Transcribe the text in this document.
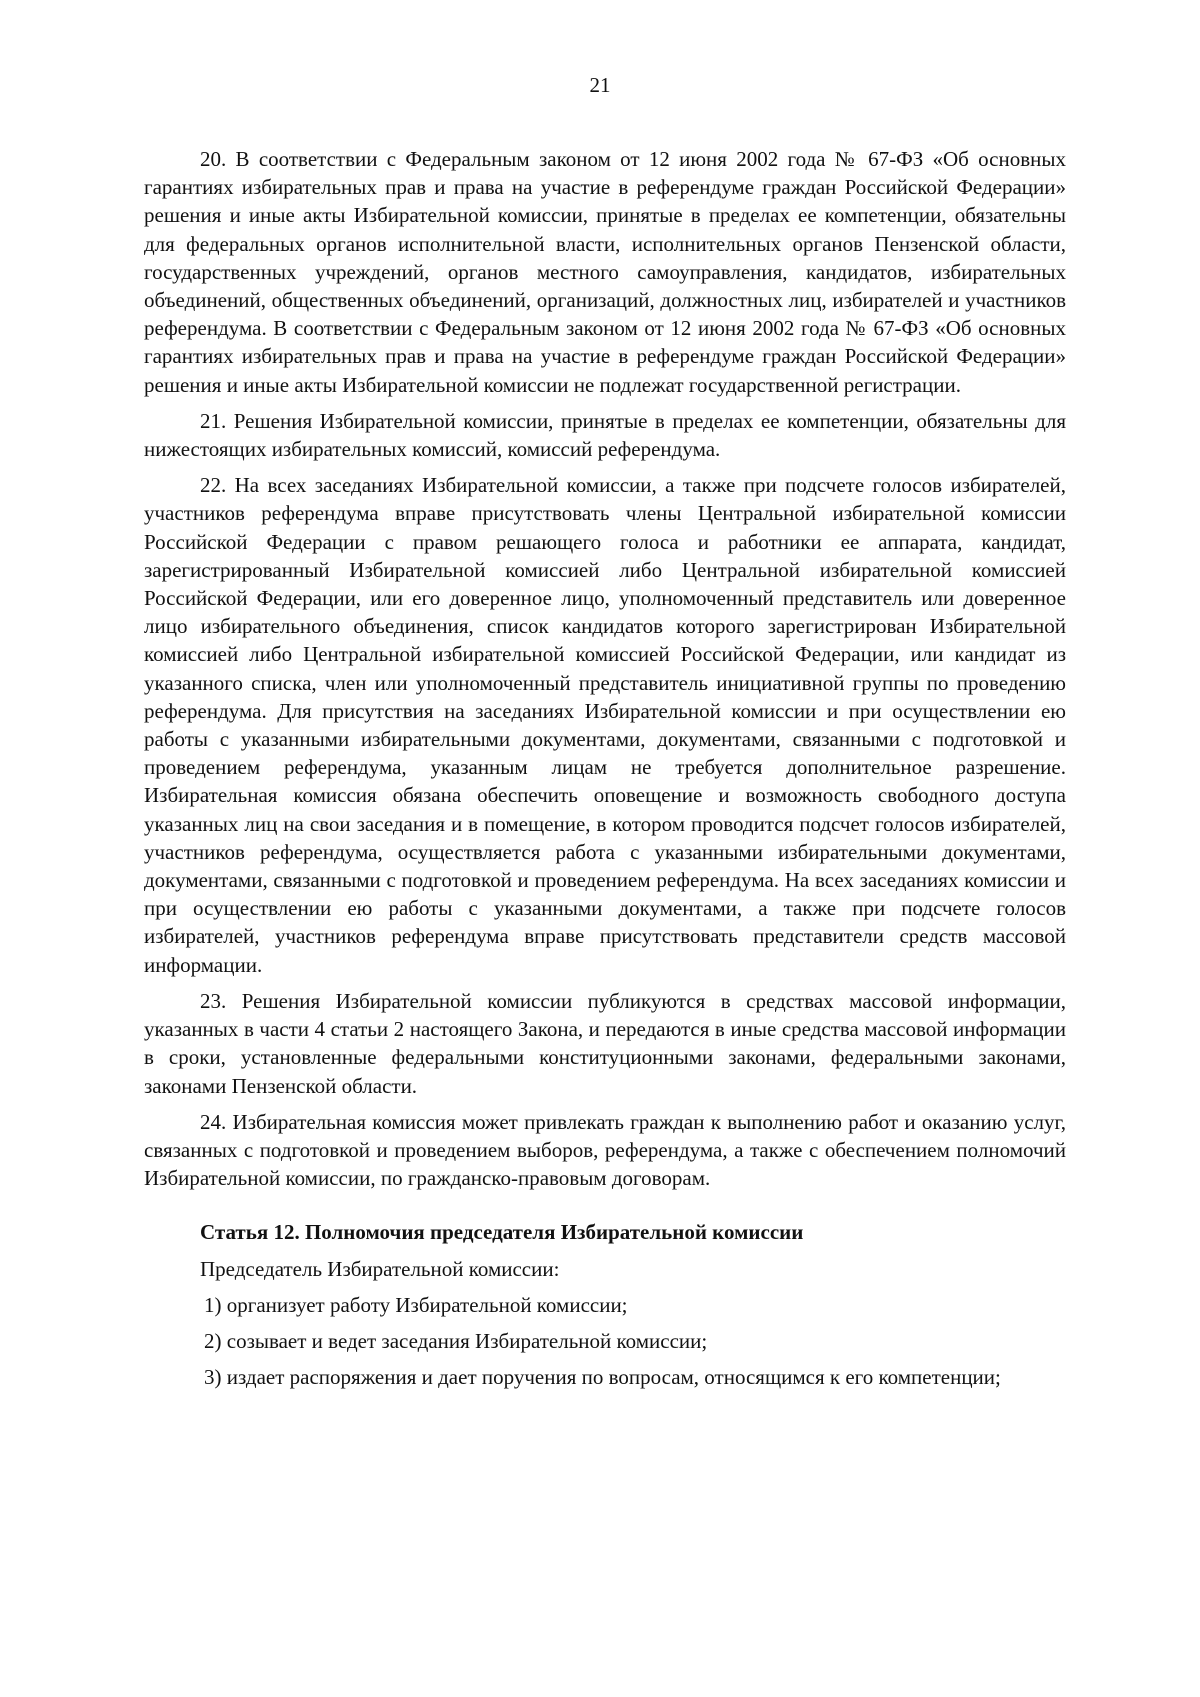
21

20. В соответствии с Федеральным законом от 12 июня 2002 года № 67-ФЗ «Об основных гарантиях избирательных прав и права на участие в референдуме граждан Российской Федерации» решения и иные акты Избирательной комиссии, принятые в пределах ее компетенции, обязательны для федеральных органов исполнительной власти, исполнительных органов Пензенской области, государственных учреждений, органов местного самоуправления, кандидатов, избирательных объединений, общественных объединений, организаций, должностных лиц, избирателей и участников референдума. В соответствии с Федеральным законом от 12 июня 2002 года № 67-ФЗ «Об основных гарантиях избирательных прав и права на участие в референдуме граждан Российской Федерации» решения и иные акты Избирательной комиссии не подлежат государственной регистрации.

21. Решения Избирательной комиссии, принятые в пределах ее компетенции, обязательны для нижестоящих избирательных комиссий, комиссий референдума.

22. На всех заседаниях Избирательной комиссии, а также при подсчете голосов избирателей, участников референдума вправе присутствовать члены Центральной избирательной комиссии Российской Федерации с правом решающего голоса и работники ее аппарата, кандидат, зарегистрированный Избирательной комиссией либо Центральной избирательной комиссией Российской Федерации, или его доверенное лицо, уполномоченный представитель или доверенное лицо избирательного объединения, список кандидатов которого зарегистрирован Избирательной комиссией либо Центральной избирательной комиссией Российской Федерации, или кандидат из указанного списка, член или уполномоченный представитель инициативной группы по проведению референдума. Для присутствия на заседаниях Избирательной комиссии и при осуществлении ею работы с указанными избирательными документами, документами, связанными с подготовкой и проведением референдума, указанным лицам не требуется дополнительное разрешение. Избирательная комиссия обязана обеспечить оповещение и возможность свободного доступа указанных лиц на свои заседания и в помещение, в котором проводится подсчет голосов избирателей, участников референдума, осуществляется работа с указанными избирательными документами, документами, связанными с подготовкой и проведением референдума. На всех заседаниях комиссии и при осуществлении ею работы с указанными документами, а также при подсчете голосов избирателей, участников референдума вправе присутствовать представители средств массовой информации.

23. Решения Избирательной комиссии публикуются в средствах массовой информации, указанных в части 4 статьи 2 настоящего Закона, и передаются в иные средства массовой информации в сроки, установленные федеральными конституционными законами, федеральными законами, законами Пензенской области.

24. Избирательная комиссия может привлекать граждан к выполнению работ и оказанию услуг, связанных с подготовкой и проведением выборов, референдума, а также с обеспечением полномочий Избирательной комиссии, по гражданско-правовым договорам.

Статья 12. Полномочия председателя Избирательной комиссии

Председатель Избирательной комиссии:

1) организует работу Избирательной комиссии;

2) созывает и ведет заседания Избирательной комиссии;

3) издает распоряжения и дает поручения по вопросам, относящимся к его компетенции;
